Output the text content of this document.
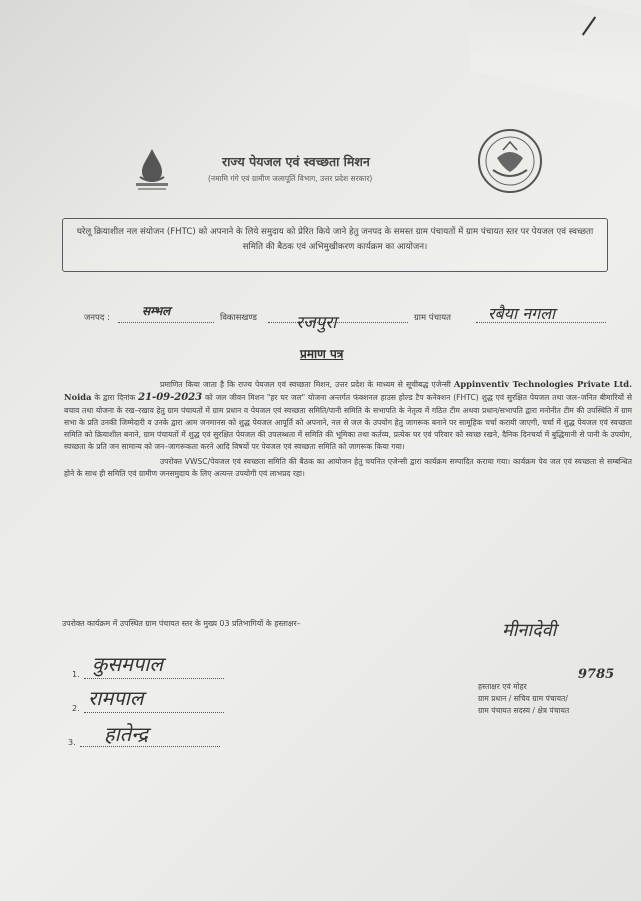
राज्य पेयजल एवं स्वच्छता मिशन
(नमामि गंगे एवं ग्रामीण जलापूर्ति विभाग, उत्तर प्रदेश सरकार)
घरेलू क्रियाशील नल संयोजन (FHTC) को अपनाने के लिये समुदाय को प्रेरित किये जाने हेतु जनपद के समस्त ग्राम पंचायतों में ग्राम पंचायत स्तर पर पेयजल एवं स्वच्छता समिति की बैठक एवं अभिमुखीकरण कार्यक्रम का आयोजन।
जनपद :	सम्भल	विकासखण्ड रजपुरा	ग्राम पंचायत रबैया नगला
प्रमाण पत्र
प्रमाणित किया जाता है कि राज्य पेयजल एवं स्वच्छता मिशन, उत्तर प्रदेश के माध्यम से सूचीबद्ध एजेन्सी Appinventiv Technologies Private Ltd. Noida के द्वारा दिनांक 21-09-2023 को जल जीवन मिशन "हर घर जल" योजना अन्तर्गत फंक्शनल हाउस होल्ड टैप कनेक्शन (FHTC) शुद्ध एवं सुरक्षित पेयजल तथा जल–जनित बीमारियों से बचाव तथा योजना के रख–रखाव हेतु ग्राम पंचायतों में ग्राम प्रधान व पेयजल एवं स्वच्छता समिति/पानी समिति के सभापति के नेतृत्व में गठित टीम अथवा प्रधान/सभापति द्वारा मनोनीत टीम की उपस्थिति में ग्राम सभा के प्रति उनकी जिम्मेदारी व उनके द्वारा आम जनमानस को शुद्ध पेयजल आपूर्ति को अपनाने, नल से जल के उपयोग हेतु जागरूक बनाने पर सामूहिक चर्चा करायी जाएगी, चर्चा में शुद्ध पेयजल एवं स्वच्छता समिति को क्रियाशील बनाने, ग्राम पंचायतों में शुद्ध एवं सुरक्षित पेयजल की उपलब्धता में समिति की भूमिका तथा कर्तव्य, प्रत्येक घर एवं परिवार को स्वच्छ रखने, दैनिक दिनचर्या में बुद्धिमानी से पानी के उपयोग, स्वच्छता के प्रति जन सामान्य को जन–जागरूकता करने आदि विषयों पर पेयजल एवं स्वच्छता समिति को जागरूक किया गया।
उपरोक्त VWSC/पेयजल एवं स्वच्छता समिति की बैठक का आयोजन हेतु चयनित एजेन्सी द्वारा कार्यक्रम सम्पादित कराया गया। कार्यक्रम पेय जल एवं स्वच्छता से सम्बन्धित होने के साथ ही समिति एवं ग्रामीण जनसमुदाय के लिए अत्यन्त उपयोगी एवं लाभप्रद रहा।
उपरोक्त कार्यक्रम में उपस्थित ग्राम पंचायत स्तर के मुख्य 03 प्रतिभागियों के हस्ताक्षर–
1. कुसमपाल
2. रामपाल
3. हातेन्द्र
मीनादेवी
9785
हस्ताक्षर एवं मोहर
ग्राम प्रधान / सचिव ग्राम पंचायत/
ग्राम पंचायत सदस्य / क्षेत्र पंचायत
